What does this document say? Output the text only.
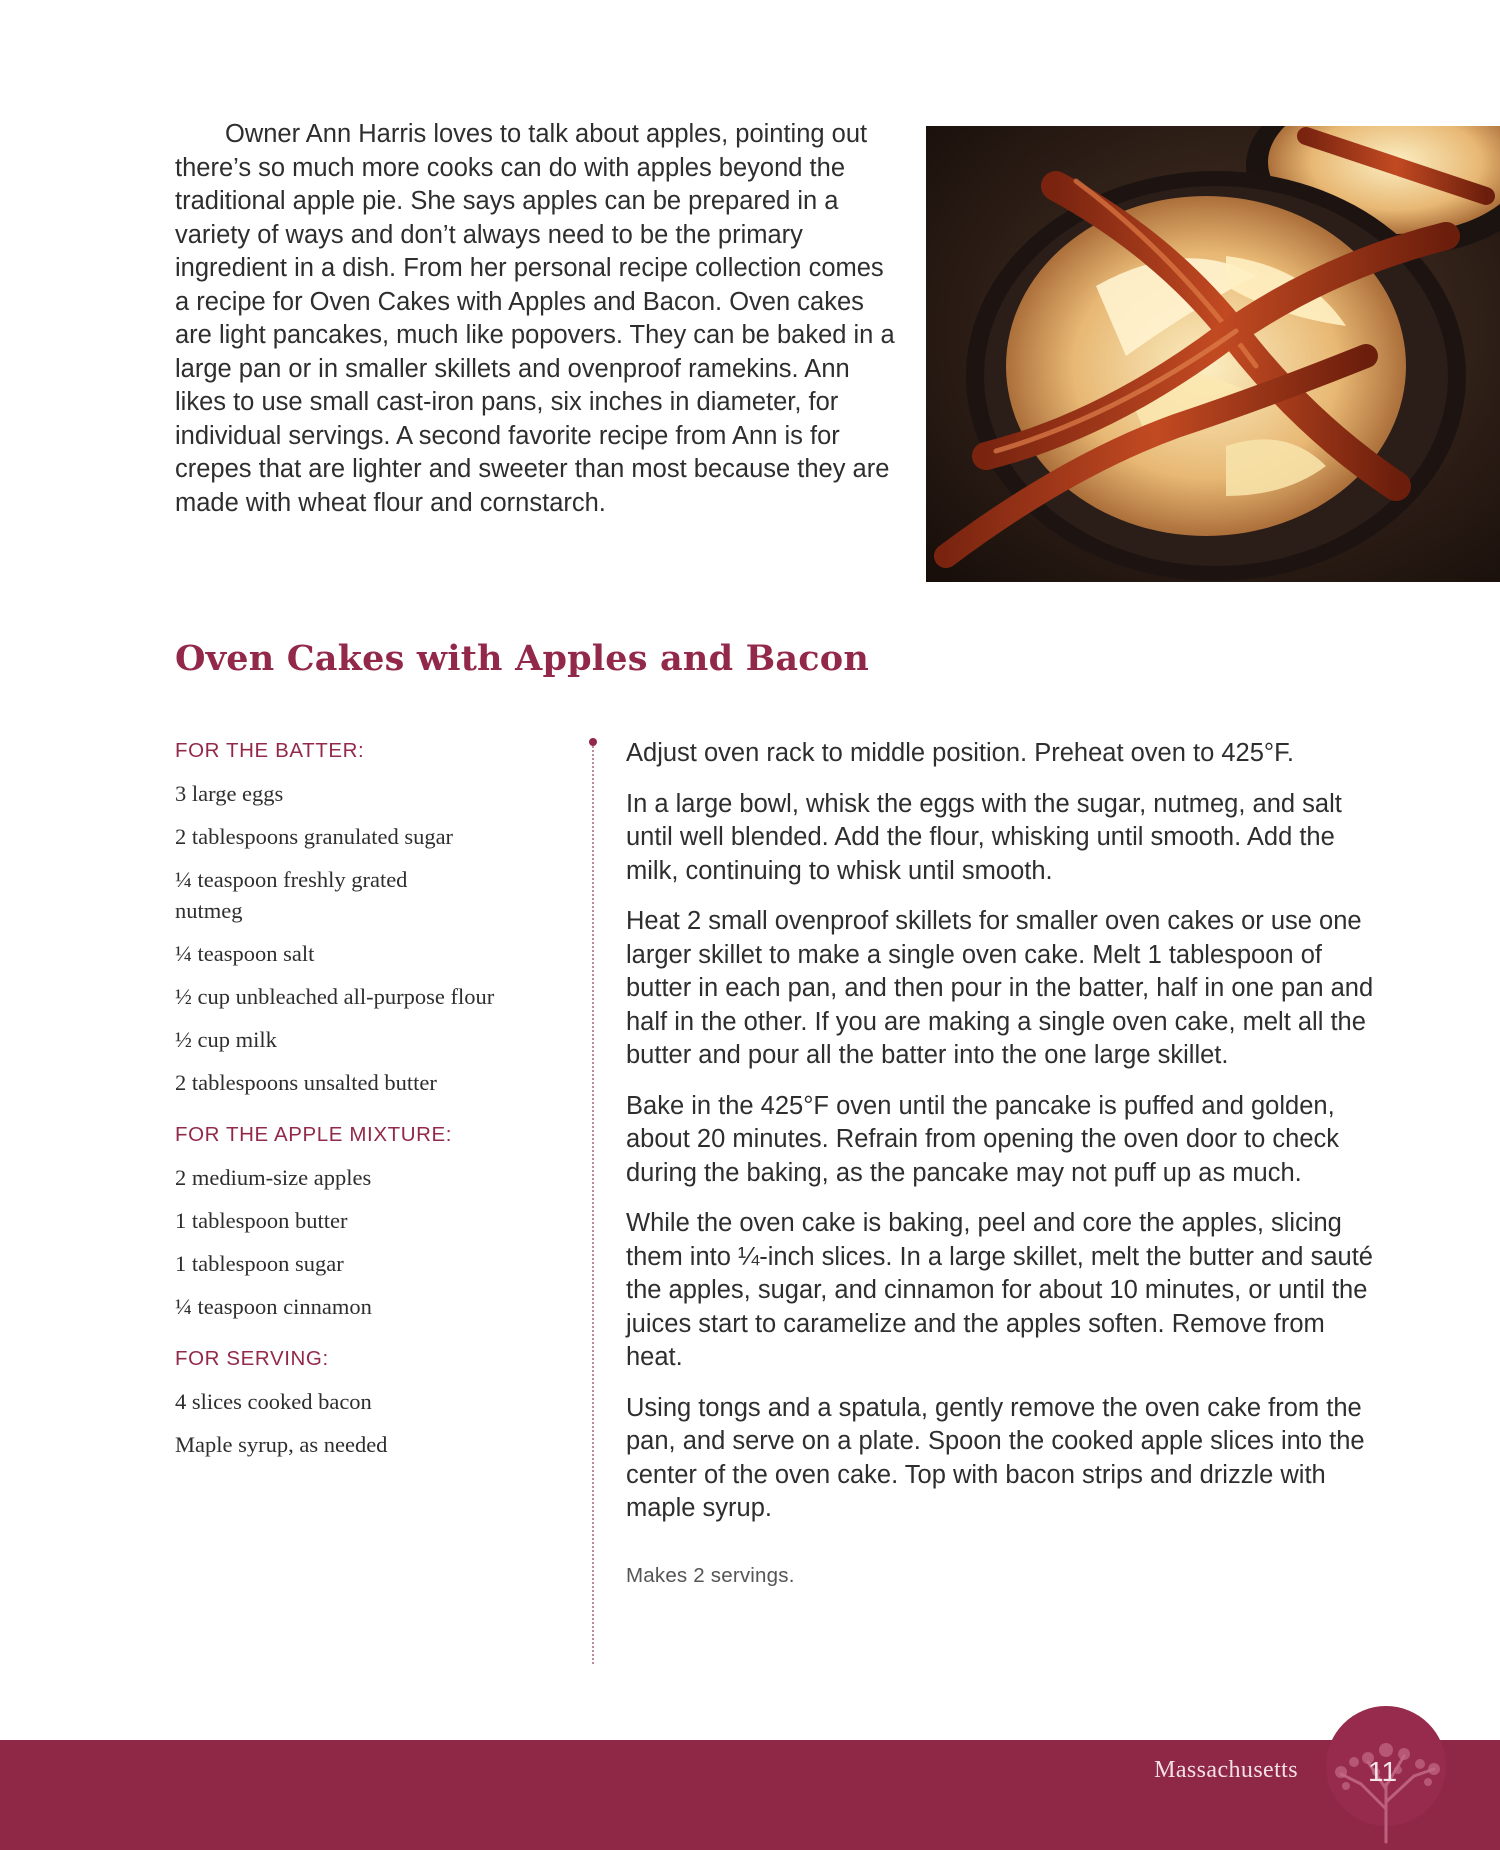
Owner Ann Harris loves to talk about apples, pointing out there’s so much more cooks can do with apples beyond the traditional apple pie. She says apples can be prepared in a variety of ways and don’t always need to be the primary ingredient in a dish. From her personal recipe collection comes a recipe for Oven Cakes with Apples and Bacon. Oven cakes are light pancakes, much like popovers. They can be baked in a large pan or in smaller skillets and ovenproof ramekins. Ann likes to use small cast-iron pans, six inches in diameter, for individual servings. A second favorite recipe from Ann is for crepes that are lighter and sweeter than most because they are made with wheat flour and cornstarch.

Oven Cakes with Apples and Bacon
FOR THE BATTER:
3 large eggs
2 tablespoons granulated sugar
¼ teaspoon freshly grated nutmeg
¼ teaspoon salt
½ cup unbleached all-purpose flour
½ cup milk
2 tablespoons unsalted butter
FOR THE APPLE MIXTURE:
2 medium-size apples
1 tablespoon butter
1 tablespoon sugar
¼ teaspoon cinnamon
FOR SERVING:
4 slices cooked bacon
Maple syrup, as needed

Adjust oven rack to middle position. Preheat oven to 425°F.

In a large bowl, whisk the eggs with the sugar, nutmeg, and salt until well blended. Add the flour, whisking until smooth. Add the milk, continuing to whisk until smooth.

Heat 2 small ovenproof skillets for smaller oven cakes or use one larger skillet to make a single oven cake. Melt 1 tablespoon of butter in each pan, and then pour in the batter, half in one pan and half in the other. If you are making a single oven cake, melt all the butter and pour all the batter into the one large skillet.

Bake in the 425°F oven until the pancake is puffed and golden, about 20 minutes. Refrain from opening the oven door to check during the baking, as the pancake may not puff up as much.

While the oven cake is baking, peel and core the apples, slicing them into ¼-inch slices. In a large skillet, melt the butter and sauté the apples, sugar, and cinnamon for about 10 minutes, or until the juices start to caramelize and the apples soften. Remove from heat.

Using tongs and a spatula, gently remove the oven cake from the pan, and serve on a plate. Spoon the cooked apple slices into the center of the oven cake. Top with bacon strips and drizzle with maple syrup.

Makes 2 servings.
Massachusetts	11
